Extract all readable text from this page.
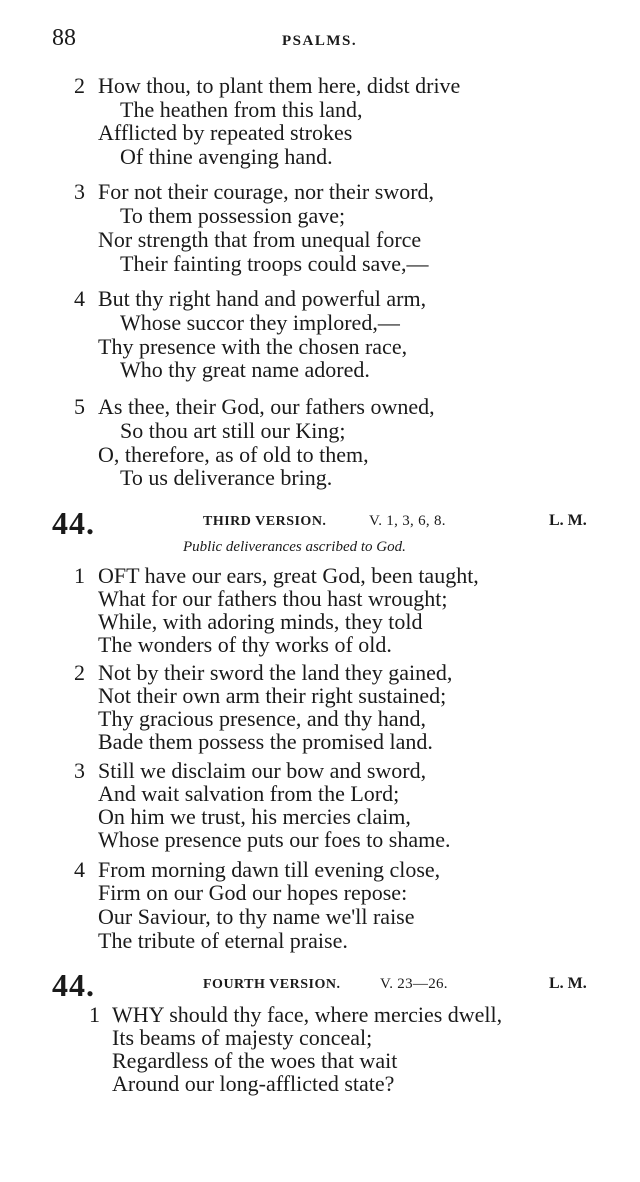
88	PSALMS.
2 How thou, to plant them here, didst drive
The heathen from this land,
Afflicted by repeated strokes
Of thine avenging hand.
3 For not their courage, nor their sword,
To them possession gave;
Nor strength that from unequal force
Their fainting troops could save,—
4 But thy right hand and powerful arm,
Whose succor they implored,—
Thy presence with the chosen race,
Who thy great name adored.
5 As thee, their God, our fathers owned,
So thou art still our King;
O, therefore, as of old to them,
To us deliverance bring.
44.	THIRD VERSION.	V. 1, 3, 6, 8.	L. M.
Public deliverances ascribed to God.
1 OFT have our ears, great God, been taught,
What for our fathers thou hast wrought;
While, with adoring minds, they told
The wonders of thy works of old.
2 Not by their sword the land they gained,
Not their own arm their right sustained;
Thy gracious presence, and thy hand,
Bade them possess the promised land.
3 Still we disclaim our bow and sword,
And wait salvation from the Lord;
On him we trust, his mercies claim,
Whose presence puts our foes to shame.
4 From morning dawn till evening close,
Firm on our God our hopes repose:
Our Saviour, to thy name we'll raise
The tribute of eternal praise.
44.	FOURTH VERSION.	V. 23—26.	L. M.
1 WHY should thy face, where mercies dwell,
Its beams of majesty conceal;
Regardless of the woes that wait
Around our long-afflicted state?
